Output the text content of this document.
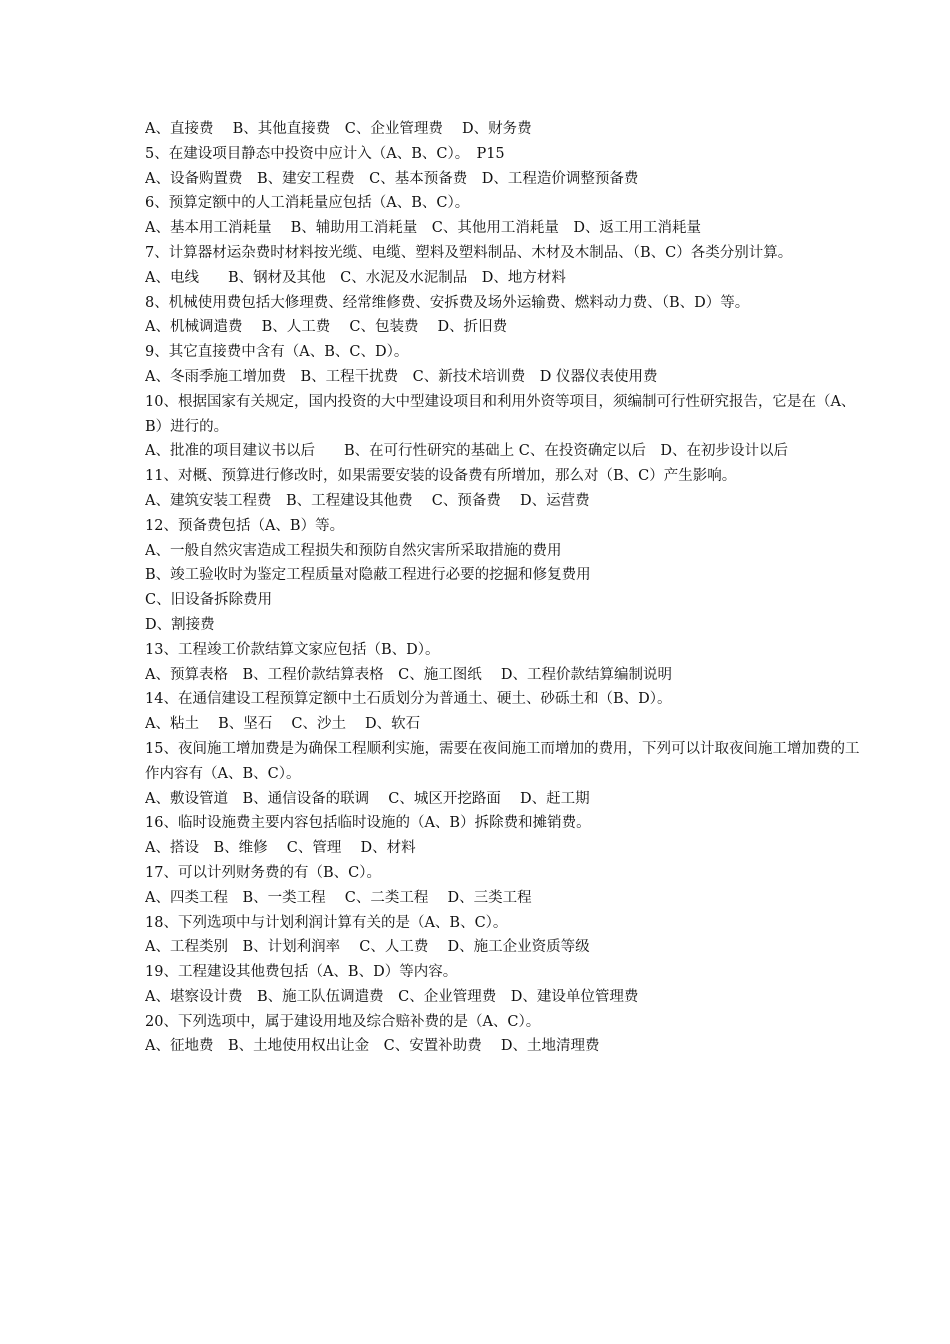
A、直接费　 B、其他直接费　C、企业管理费　 D、财务费
5、在建设项目静态中投资中应计入（A、B、C）。　P15
A、设备购置费　B、建安工程费　C、基本预备费　D、工程造价调整预备费
6、预算定额中的人工消耗量应包括（A、B、C）。
A、基本用工消耗量　 B、辅助用工消耗量　C、其他用工消耗量　D、返工用工消耗量
7、计算器材运杂费时材料按光缆、电缆、塑料及塑料制品、木材及木制品、（B、C）各类分别计算。
A、电线　　B、钢材及其他　C、水泥及水泥制品　D、地方材料
8、机械使用费包括大修理费、经常维修费、安拆费及场外运输费、燃料动力费、（B、D）等。
A、机械调遣费　 B、人工费　 C、包装费　 D、折旧费
9、其它直接费中含有（A、B、C、D）。
A、冬雨季施工增加费　B、工程干扰费　C、新技术培训费　D 仪器仪表使用费
10、根据国家有关规定，国内投资的大中型建设项目和利用外资等项目，须编制可行性研究报告，它是在（A、B）进行的。
A、批准的项目建议书以后　　B、在可行性研究的基础上 C、在投资确定以后　D、在初步设计以后
11、对概、预算进行修改时，如果需要安装的设备费有所增加，那么对（B、C）产生影响。
A、建筑安装工程费　B、工程建设其他费　 C、预备费　 D、运营费
12、预备费包括（A、B）等。
A、一般自然灾害造成工程损失和预防自然灾害所采取措施的费用
B、竣工验收时为鉴定工程质量对隐蔽工程进行必要的挖掘和修复费用
C、旧设备拆除费用
D、割接费
13、工程竣工价款结算文家应包括（B、D）。
A、预算表格　B、工程价款结算表格　C、施工图纸　 D、工程价款结算编制说明
14、在通信建设工程预算定额中土石质划分为普通土、硬土、砂砾土和（B、D）。
A、粘土　 B、坚石　 C、沙土　 D、软石
15、夜间施工增加费是为确保工程顺利实施，需要在夜间施工而增加的费用，下列可以计取夜间施工增加费的工作内容有（A、B、C）。
A、敷设管道　B、通信设备的联调　 C、城区开挖路面　 D、赶工期
16、临时设施费主要内容包括临时设施的（A、B）拆除费和摊销费。
A、搭设　B、维修　 C、管理　 D、材料
17、可以计列财务费的有（B、C）。
A、四类工程　B、一类工程　 C、二类工程　 D、三类工程
18、下列选项中与计划利润计算有关的是（A、B、C）。
A、工程类别　B、计划利润率　 C、人工费　 D、施工企业资质等级
19、工程建设其他费包括（A、B、D）等内容。
A、堪察设计费　B、施工队伍调遣费　C、企业管理费　D、建设单位管理费
20、下列选项中，属于建设用地及综合赔补费的是（A、C）。
A、征地费　B、土地使用权出让金　C、安置补助费　 D、土地清理费
